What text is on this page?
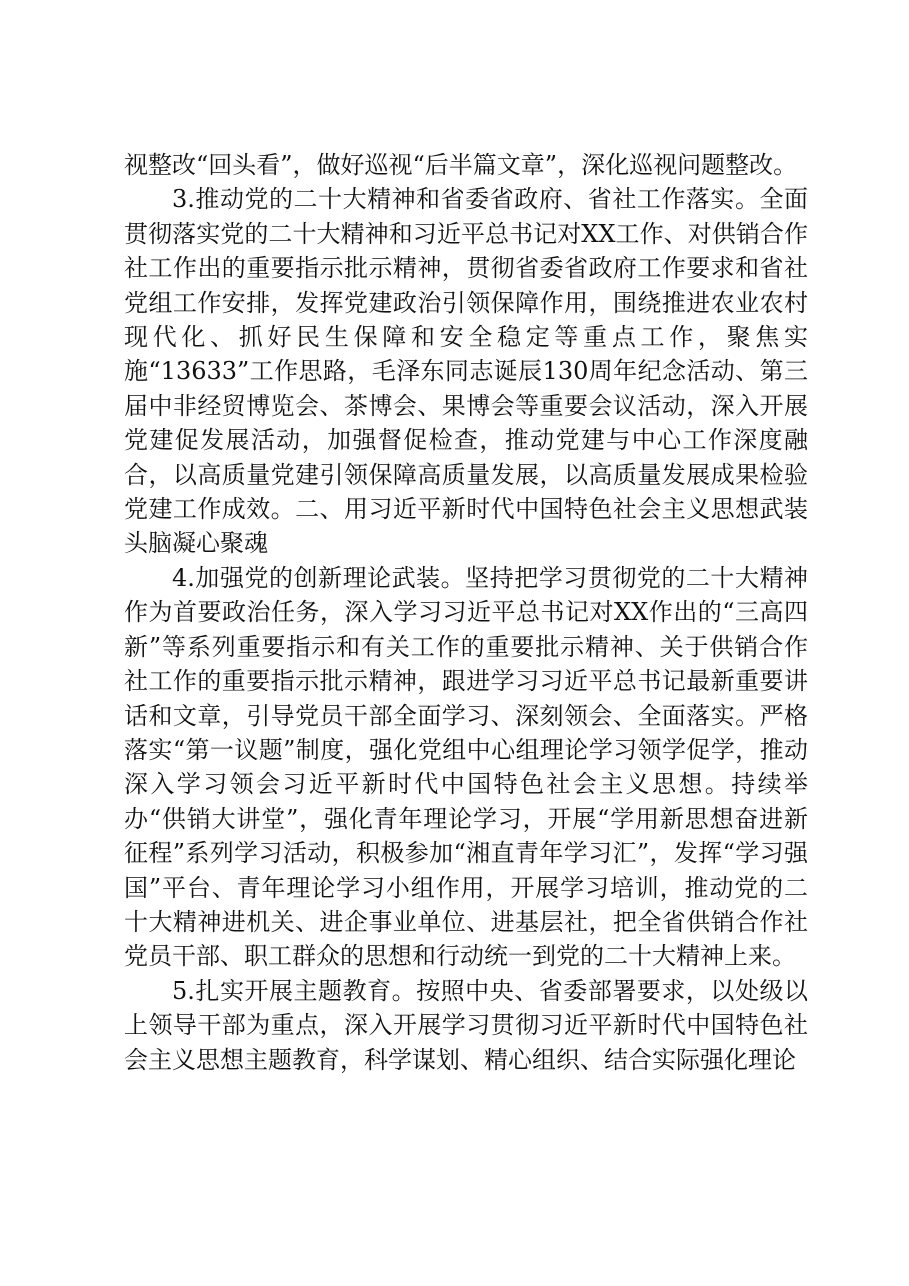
视整改“回头看”，做好巡视“后半篇文章”，深化巡视问题整改。

3.推动党的二十大精神和省委省政府、省社工作落实。全面贯彻落实党的二十大精神和习近平总书记对XX工作、对供销合作社工作出的重要指示批示精神，贯彻省委省政府工作要求和省社党组工作安排，发挥党建政治引领保障作用，围绕推进农业农村现代化、抓好民生保障和安全稳定等重点工作，聚焦实施“13633”工作思路，毛泽东同志诞辰130周年纪念活动、第三届中非经贸博览会、茶博会、果博会等重要会议活动，深入开展党建促发展活动，加强督促检查，推动党建与中心工作深度融合，以高质量党建引领保障高质量发展，以高质量发展成果检验党建工作成效。二、用习近平新时代中国特色社会主义思想武装头脑凝心聚魂

4.加强党的创新理论武装。坚持把学习贯彻党的二十大精神作为首要政治任务，深入学习习近平总书记对XX作出的“三高四新”等系列重要指示和有关工作的重要批示精神、关于供销合作社工作的重要指示批示精神，跟进学习习近平总书记最新重要讲话和文章，引导党员干部全面学习、深刻领会、全面落实。严格落实“第一议题”制度，强化党组中心组理论学习领学促学，推动深入学习领会习近平新时代中国特色社会主义思想。持续举办“供销大讲堂”，强化青年理论学习，开展“学用新思想奋进新征程”系列学习活动，积极参加“湘直青年学习汇”，发挥“学习强国”平台、青年理论学习小组作用，开展学习培训，推动党的二十大精神进机关、进企事业单位、进基层社，把全省供销合作社党员干部、职工群众的思想和行动统一到党的二十大精神上来。

5.扎实开展主题教育。按照中央、省委部署要求，以处级以上领导干部为重点，深入开展学习贯彻习近平新时代中国特色社会主义思想主题教育，科学谋划、精心组织、结合实际强化理论
